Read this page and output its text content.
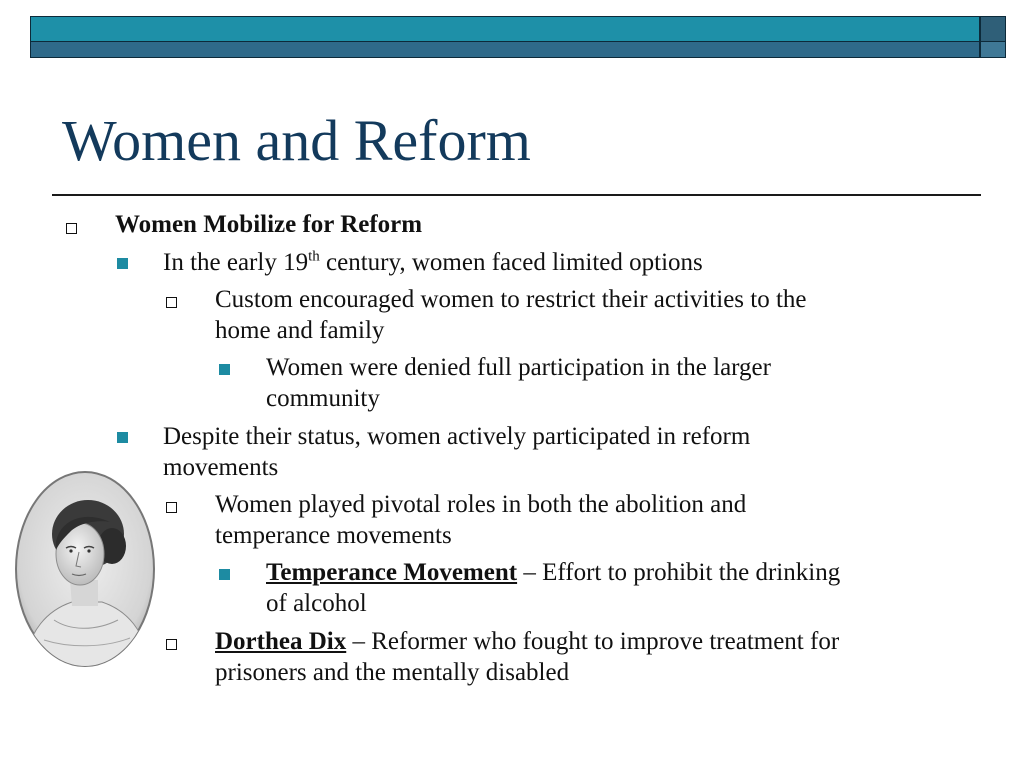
Women and Reform
Women Mobilize for Reform
In the early 19th century, women faced limited options
Custom encouraged women to restrict their activities to the
home and family
Women were denied full participation in the larger
community
Despite their status, women actively participated in reform
movements
Women played pivotal roles in both the abolition and
temperance movements
Temperance Movement – Effort to prohibit the drinking
of alcohol
Dorthea Dix – Reformer who fought to improve treatment for
prisoners and the mentally disabled
